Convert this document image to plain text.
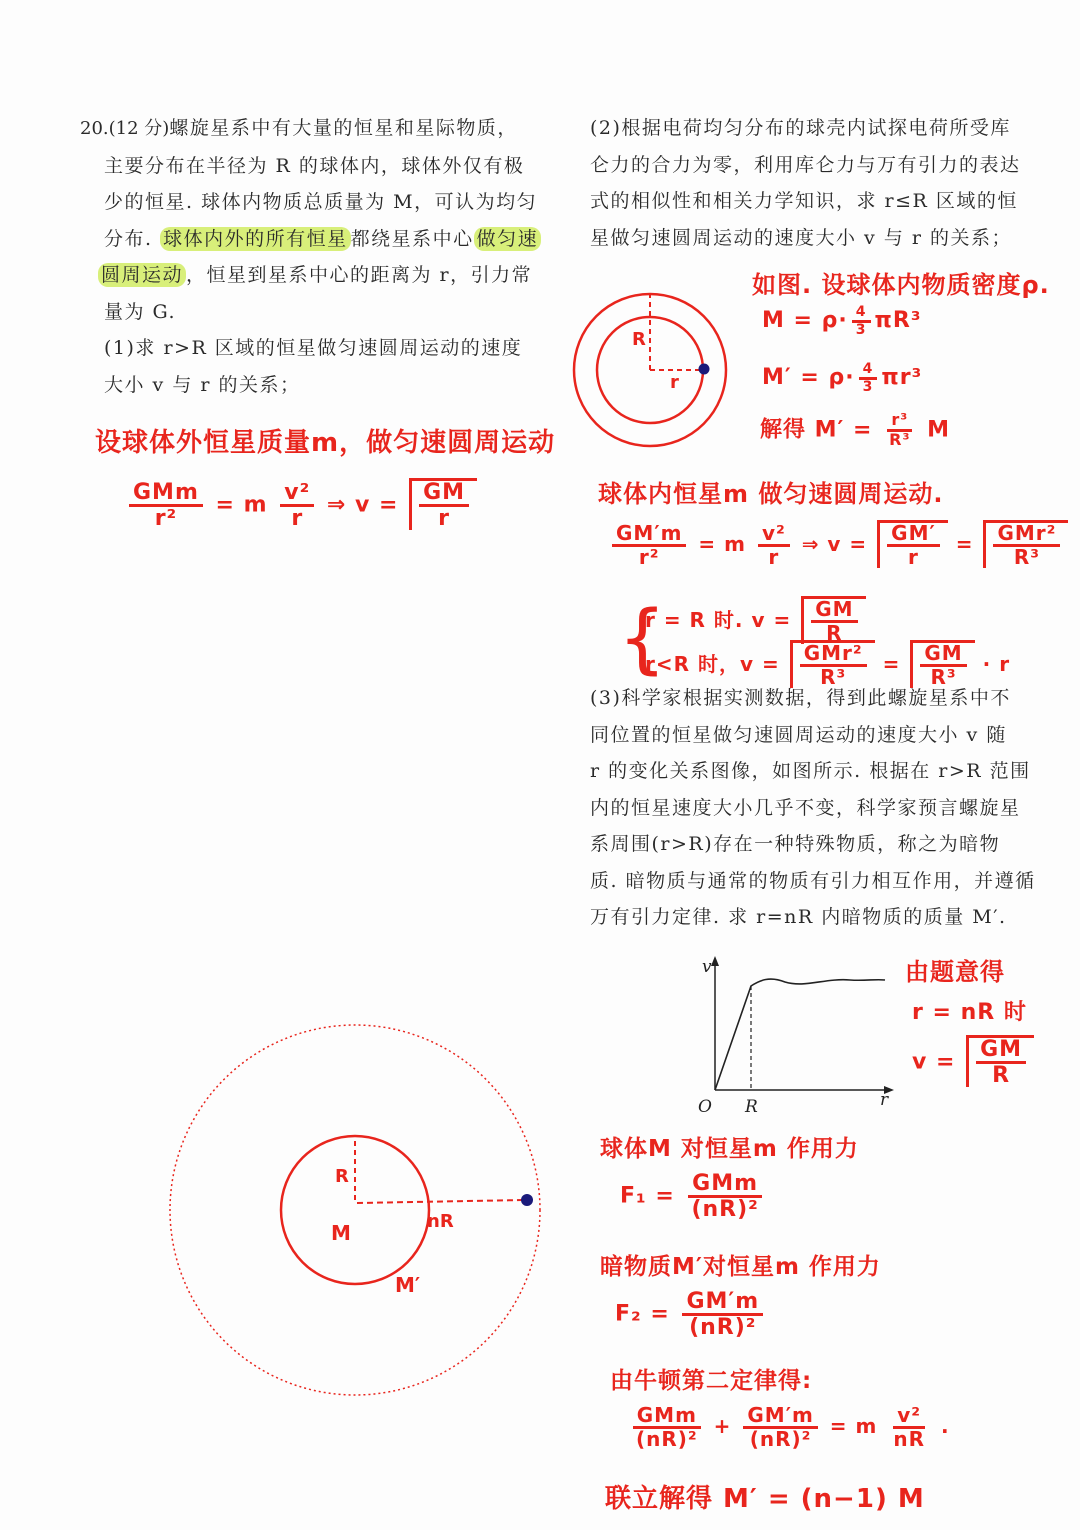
20.(12 分)螺旋星系中有大量的恒星和星际物质，

主要分布在半径为 R 的球体内，球体外仅有极

少的恒星. 球体内物质总质量为 M，可认为均匀

分布. 球体内外的所有恒星 都绕星系中心 做匀速

圆周运动 ，恒星到星系中心的距离为 r，引力常

量为 G.

(1)求 r>R 区域的恒星做匀速圆周运动的速度

大小 v 与 r 的关系；

(2)根据电荷均匀分布的球壳内试探电荷所受库

仑力的合力为零，利用库仑力与万有引力的表达

式的相似性和相关力学知识，求 r≤R 区域的恒

星做匀速圆周运动的速度大小 v 与 r 的关系；

(3)科学家根据实测数据，得到此螺旋星系中不

同位置的恒星做匀速圆周运动的速度大小 v 随

r 的变化关系图像，如图所示. 根据在 r>R 范围

内的恒星速度大小几乎不变，科学家预言螺旋星

系周围(r>R)存在一种特殊物质，称之为暗物

质. 暗物质与通常的物质有引力相互作用，并遵循

万有引力定律. 求 r=nR 内暗物质的质量 M′.

v
r
O R
R
r
R
M	nR
M′
设球体外恒星质量m，做匀速圆周运动
$\frac{\text{GMm}}{\text{r²}} = m \frac{\text{v²}}{r}$ ⇒ $v = \frac{GM}{r}$
如图. 设球体内物质密度ρ.
$M = \rho\cdot \frac{4}{3} \pi R^3$
$M' = \rho\cdot \frac{4}{3} \pi r^3$
解得 $M' = \frac{\text{r³}}{\text{R³}}$ M
球体内恒星m 做匀速圆周运动.
$\frac{GM'm}{\text{r²}} = m \frac{\text{v²}}{r}$ ⇒ $v = \frac{GM'}{r} = \frac{\text{GMr²}}{\text{R³}}$
{
r = R 时. $v = \frac{GM}{R}$
r<R 时，$v = \frac{\text{GMr²}}{\text{R³}} = \frac{GM}{\text{R³}} \cdot r$
由题意得
r = nR 时
$v = \frac{GM}{R}$
球体M 对恒星m 作用力
$F_1 = \frac{\text{GMm}}{\text{(nR)²}}$
暗物质M′对恒星m 作用力
$F_2 = \frac{GM'm}{\text{(nR)²}}$
由牛顿第二定律得:
$\frac{\text{GMm}}{\text{(nR)²}} + \frac{GM'm}{\text{(nR)²}} = m \frac{\text{v²}}{nR}$ .
联立解得 M′ = (n−1) M
